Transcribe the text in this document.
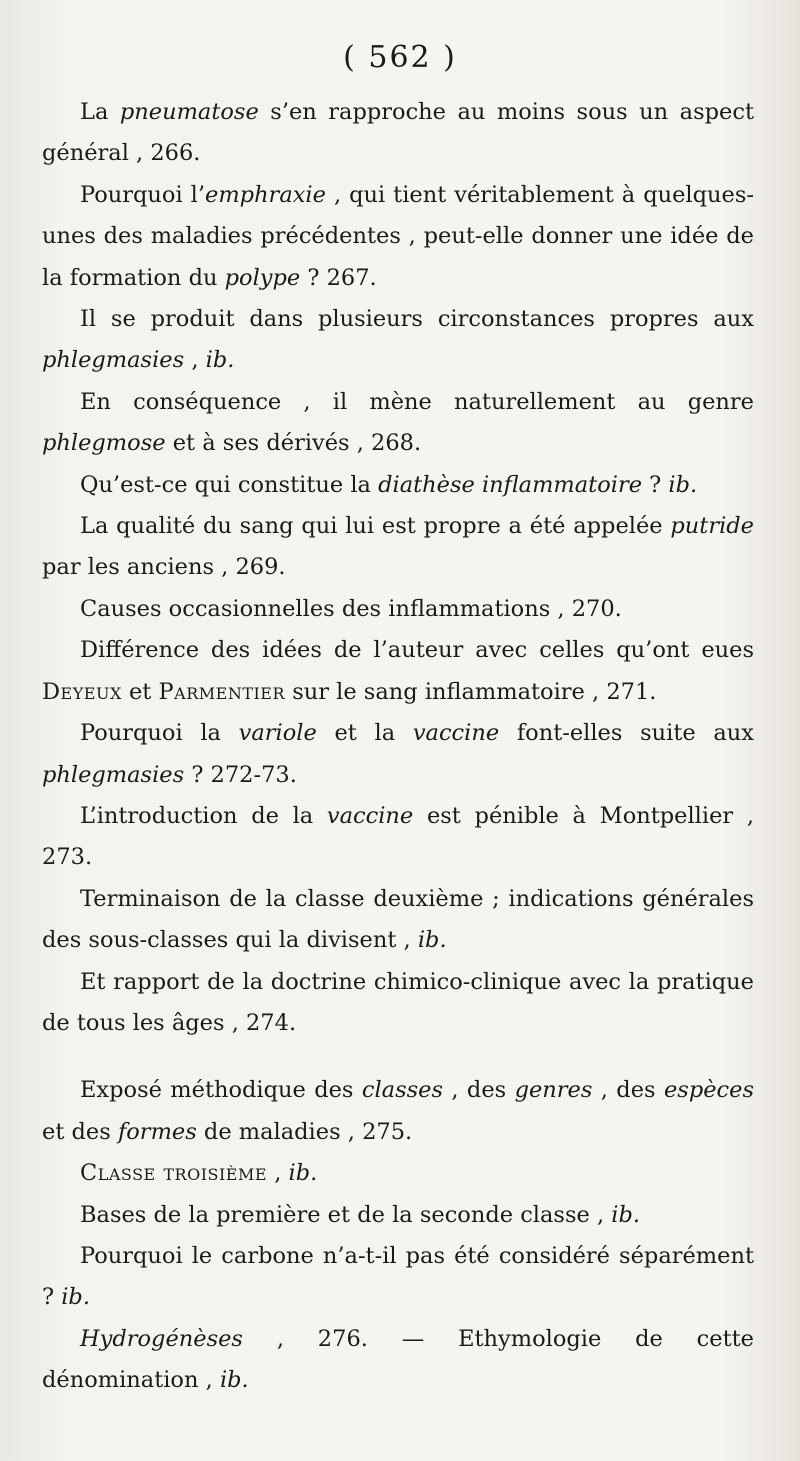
( 562 )

La pneumatose s’en rapproche au moins sous un aspect général , 266.

Pourquoi l’emphraxie , qui tient véritablement à quelques-unes des maladies précédentes , peut-elle donner une idée de la formation du polype ? 267.

Il se produit dans plusieurs circonstances propres aux phlegmasies , ib.

En conséquence , il mène naturellement au genre phlegmose et à ses dérivés , 268.

Qu’est-ce qui constitue la diathèse inflammatoire ? ib.

La qualité du sang qui lui est propre a été appelée putride par les anciens , 269.

Causes occasionnelles des inflammations , 270.

Différence des idées de l’auteur avec celles qu’ont eues Deyeux et Parmentier sur le sang inflammatoire , 271.

Pourquoi la variole et la vaccine font-elles suite aux phlegmasies ? 272-73.

L’introduction de la vaccine est pénible à Montpellier , 273.

Terminaison de la classe deuxième ; indications générales des sous-classes qui la divisent , ib.

Et rapport de la doctrine chimico-clinique avec la pratique de tous les âges , 274.

Exposé méthodique des classes , des genres , des espèces et des formes de maladies , 275.

Classe troisième , ib.

Bases de la première et de la seconde classe , ib.

Pourquoi le carbone n’a-t-il pas été considéré séparément ? ib.

Hydrogénèses , 276. — Ethymologie de cette dénomination , ib.
